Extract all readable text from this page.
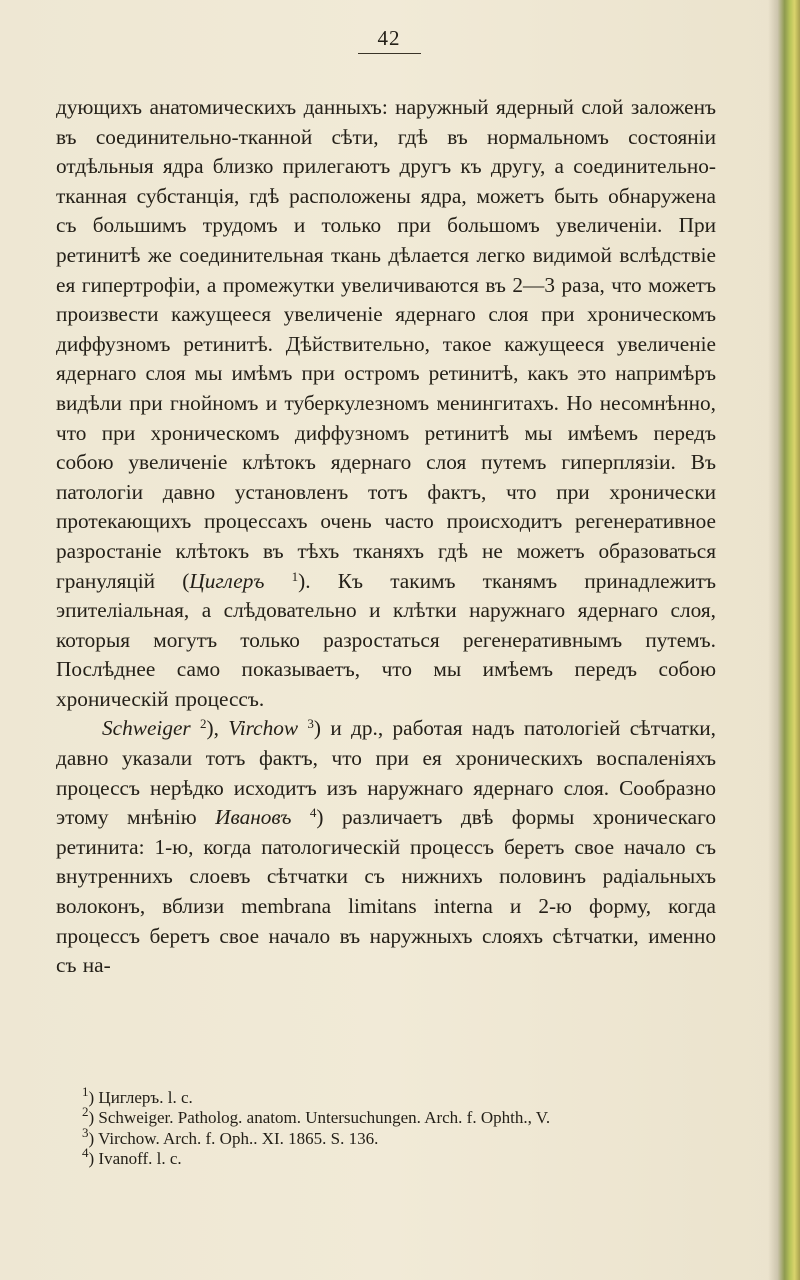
42

дующихъ анатомическихъ данныхъ: наружный ядерный слой заложенъ въ соединительно-тканной сѣти, гдѣ въ нормальномъ состояніи отдѣльныя ядра близко прилегаютъ другъ къ другу, а соединительно-тканная субстанція, гдѣ расположены ядра, можетъ быть обнаружена съ большимъ трудомъ и только при большомъ увеличеніи. При ретинитѣ же соединительная ткань дѣлается легко видимой вслѣдствіе ея гипертрофіи, а промежутки увеличиваются въ 2—3 раза, что можетъ произвести кажущееся увеличеніе ядернаго слоя при хроническомъ диффузномъ ретинитѣ. Дѣйствительно, такое кажущееся увеличеніе ядернаго слоя мы имѣмъ при остромъ ретинитѣ, какъ это напримѣръ видѣли при гнойномъ и туберкулезномъ менингитахъ. Но несомнѣнно, что при хроническомъ диффузномъ ретинитѣ мы имѣемъ передъ собою увеличеніе клѣтокъ ядернаго слоя путемъ гиперплязіи. Въ патологіи давно установленъ тотъ фактъ, что при хронически протекающихъ процессахъ очень часто происходитъ регенеративное разростаніе клѣтокъ въ тѣхъ тканяхъ гдѣ не можетъ образоваться грануляцій (Циглеръ $^1$). Къ такимъ тканямъ принадлежитъ эпителіальная, а слѣдовательно и клѣтки наружнаго ядернаго слоя, которыя могутъ только разростаться регенеративнымъ путемъ. Послѣднее само показываетъ, что мы имѣемъ передъ собою хроническій процессъ.

Schweiger $^2$), Virchow $^3$) и др., работая надъ патологіей сѣтчатки, давно указали тотъ фактъ, что при ея хроническихъ воспаленіяхъ процессъ нерѣдко исходитъ изъ наружнаго ядернаго слоя. Сообразно этому мнѣнію Ивановъ $^4$) различаетъ двѣ формы хроническаго ретинита: 1-ю, когда патологическій процессъ беретъ свое начало съ внутреннихъ слоевъ сѣтчатки съ нижнихъ половинъ радіальныхъ волоконъ, вблизи membrana limitans interna и 2-ю форму, когда процессъ беретъ свое начало въ наружныхъ слояхъ сѣтчатки, именно съ на-

$^1$) Циглеръ. l. c.
$^2$) Schweiger. Patholog. anatom. Untersuchungen. Arch. f. Ophth., V.
$^3$) Virchow. Arch. f. Oph.. XI. 1865. S. 136.
$^4$) Ivanoff. l. c.
